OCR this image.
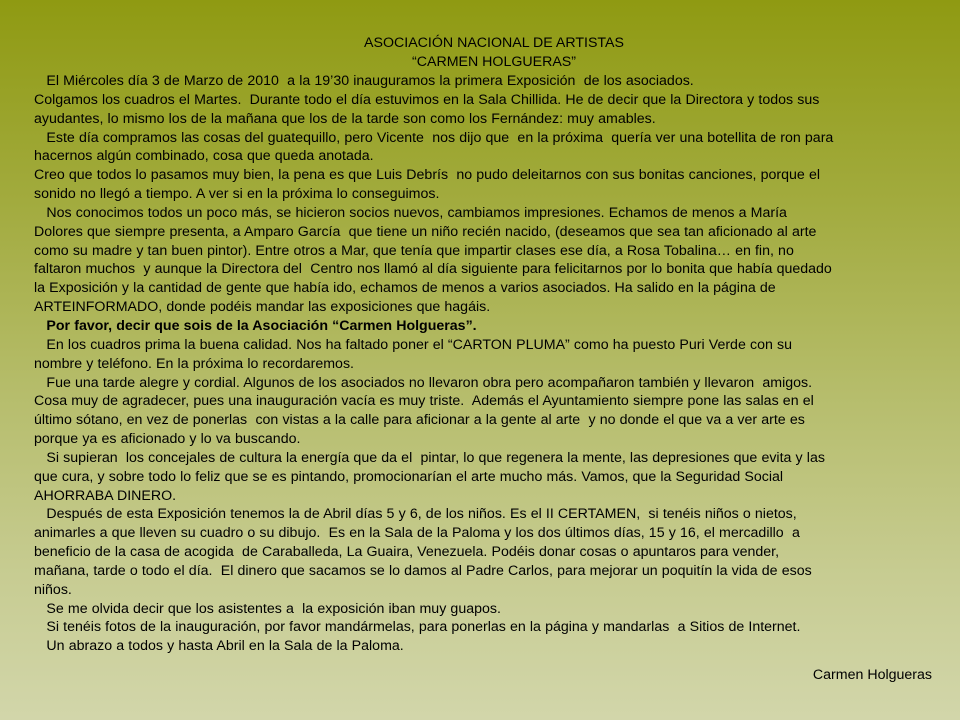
ASOCIACIÓN NACIONAL DE ARTISTAS
“CARMEN HOLGUERAS”
El Miércoles día 3 de Marzo de 2010  a la 19’30 inauguramos la primera Exposición  de los asociados.
Colgamos los cuadros el Martes.  Durante todo el día estuvimos en la Sala Chillida. He de decir que la Directora y todos sus
ayudantes, lo mismo los de la mañana que los de la tarde son como los Fernández: muy amables.
Este día compramos las cosas del guatequillo, pero Vicente  nos dijo que  en la próxima  quería ver una botellita de ron para
hacernos algún combinado, cosa que queda anotada.
Creo que todos lo pasamos muy bien, la pena es que Luis Debrís  no pudo deleitarnos con sus bonitas canciones, porque el
sonido no llegó a tiempo. A ver si en la próxima lo conseguimos.
Nos conocimos todos un poco más, se hicieron socios nuevos, cambiamos impresiones. Echamos de menos a María
Dolores que siempre presenta, a Amparo García  que tiene un niño recién nacido, (deseamos que sea tan aficionado al arte
como su madre y tan buen pintor). Entre otros a Mar, que tenía que impartir clases ese día, a Rosa Tobalina… en fin, no
faltaron muchos  y aunque la Directora del  Centro nos llamó al día siguiente para felicitarnos por lo bonita que había quedado
la Exposición y la cantidad de gente que había ido, echamos de menos a varios asociados. Ha salido en la página de
ARTEINFORMADO, donde podéis mandar las exposiciones que hagáis.
Por favor, decir que sois de la Asociación “Carmen Holgueras”.
En los cuadros prima la buena calidad. Nos ha faltado poner el “CARTON PLUMA” como ha puesto Puri Verde con su
nombre y teléfono. En la próxima lo recordaremos.
Fue una tarde alegre y cordial. Algunos de los asociados no llevaron obra pero acompañaron también y llevaron  amigos.
Cosa muy de agradecer, pues una inauguración vacía es muy triste.  Además el Ayuntamiento siempre pone las salas en el
último sótano, en vez de ponerlas  con vistas a la calle para aficionar a la gente al arte  y no donde el que va a ver arte es
porque ya es aficionado y lo va buscando.
Si supieran  los concejales de cultura la energía que da el  pintar, lo que regenera la mente, las depresiones que evita y las
que cura, y sobre todo lo feliz que se es pintando, promocionarían el arte mucho más. Vamos, que la Seguridad Social
AHORRABA DINERO.
Después de esta Exposición tenemos la de Abril días 5 y 6, de los niños. Es el II CERTAMEN,  si tenéis niños o nietos,
animarles a que lleven su cuadro o su dibujo.  Es en la Sala de la Paloma y los dos últimos días, 15 y 16, el mercadillo  a
beneficio de la casa de acogida  de Caraballeda, La Guaira, Venezuela. Podéis donar cosas o apuntaros para vender,
mañana, tarde o todo el día.  El dinero que sacamos se lo damos al Padre Carlos, para mejorar un poquitín la vida de esos
niños.
Se me olvida decir que los asistentes a  la exposición iban muy guapos.
Si tenéis fotos de la inauguración, por favor mandármelas, para ponerlas en la página y mandarlas  a Sitios de Internet.
Un abrazo a todos y hasta Abril en la Sala de la Paloma.
Carmen Holgueras
